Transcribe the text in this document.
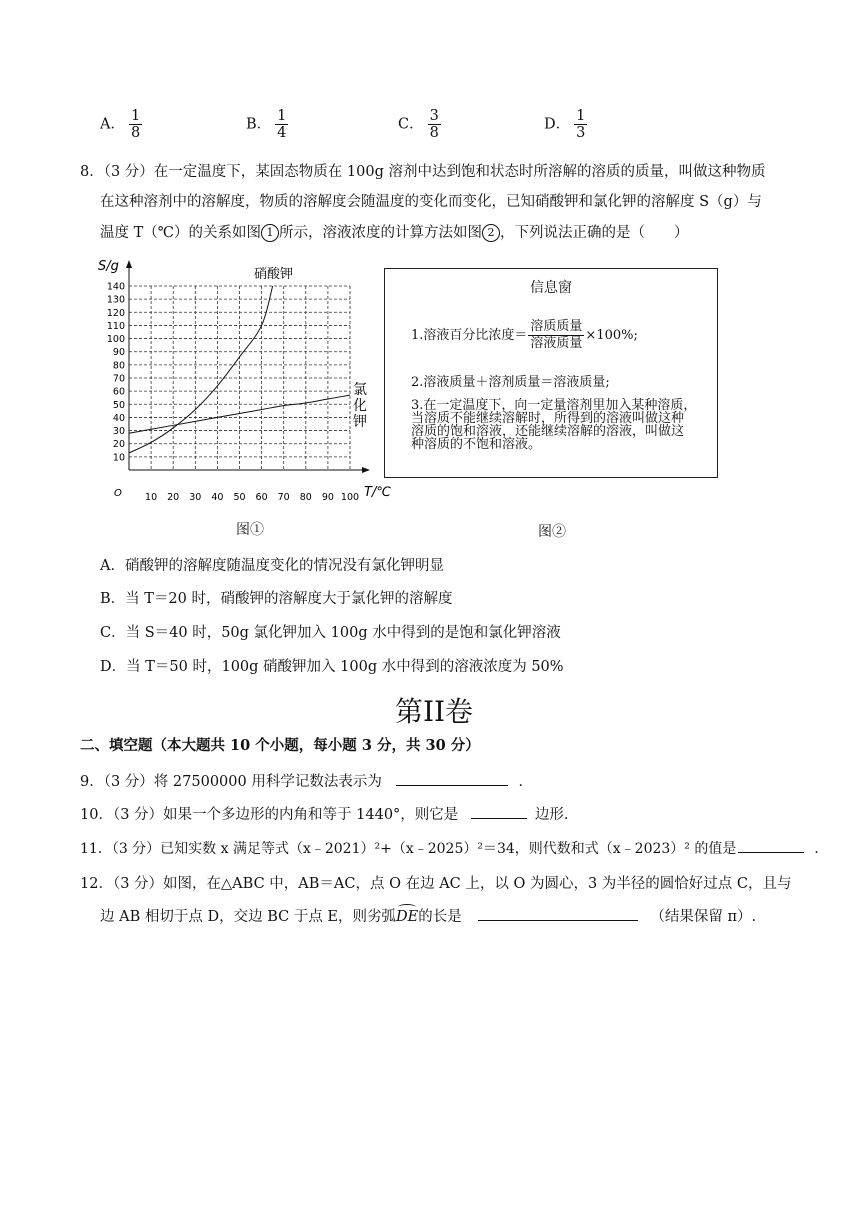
A． $\frac{1}{8}$	B． $\frac{1}{4}$	C． $\frac{3}{8}$	D． $\frac{1}{3}$
8．（3 分）在一定温度下，某固态物质在 100g 溶剂中达到饱和状态时所溶解的溶质的质量，叫做这种物质
在这种溶剂中的溶解度，物质的溶解度会随温度的变化而变化，已知硝酸钾和氯化钾的溶解度 S（g）与
温度 T（℃）的关系如图 1 所示，溶液浓度的计算方法如图 2 ，下列说法正确的是（　　）
10 20 30 40 50 60 70 80 90 100
10
20
30
40
50
60
70
80
90
100
110
120
130
140
S/g
T/℃
O
硝酸钾
氯
化
钾
图①
信息窗
1.溶液百分比浓度＝ $\frac{\text{溶质质量}}{\text{溶液质量}} \times 100\%$;
2.溶液质量＋溶剂质量＝溶液质量;
3.在一定温度下，向一定量溶剂里加入某种溶质，
当溶质不能继续溶解时，所得到的溶液叫做这种
溶质的饱和溶液，还能继续溶解的溶液，叫做这
种溶质的不饱和溶液。
图②
A．硝酸钾的溶解度随温度变化的情况没有氯化钾明显
B．当 T＝20 时，硝酸钾的溶解度大于氯化钾的溶解度
C．当 S＝40 时，50g 氯化钾加入 100g 水中得到的是饱和氯化钾溶液
D．当 T＝50 时，100g 硝酸钾加入 100g 水中得到的溶液浓度为 50%
第II卷
二、填空题（本大题共 10 个小题，每小题 3 分，共 30 分）
9．（3 分）将 27500000 用科学记数法表示为	．
10．（3 分）如果一个多边形的内角和等于 1440°，则它是	边形.
11．（3 分）已知实数 x 满足等式（x﹣2021）²+（x﹣2025）²＝34，则代数和式（x﹣2023）² 的值是	．
12．（3 分）如图，在△ABC 中，AB＝AC，点 O 在边 AC 上，以 O 为圆心，3 为半径的圆恰好过点 C，且与
边 AB 相切于点 D，交边 BC 于点 E，则劣弧DE的长是	（结果保留 π）.
